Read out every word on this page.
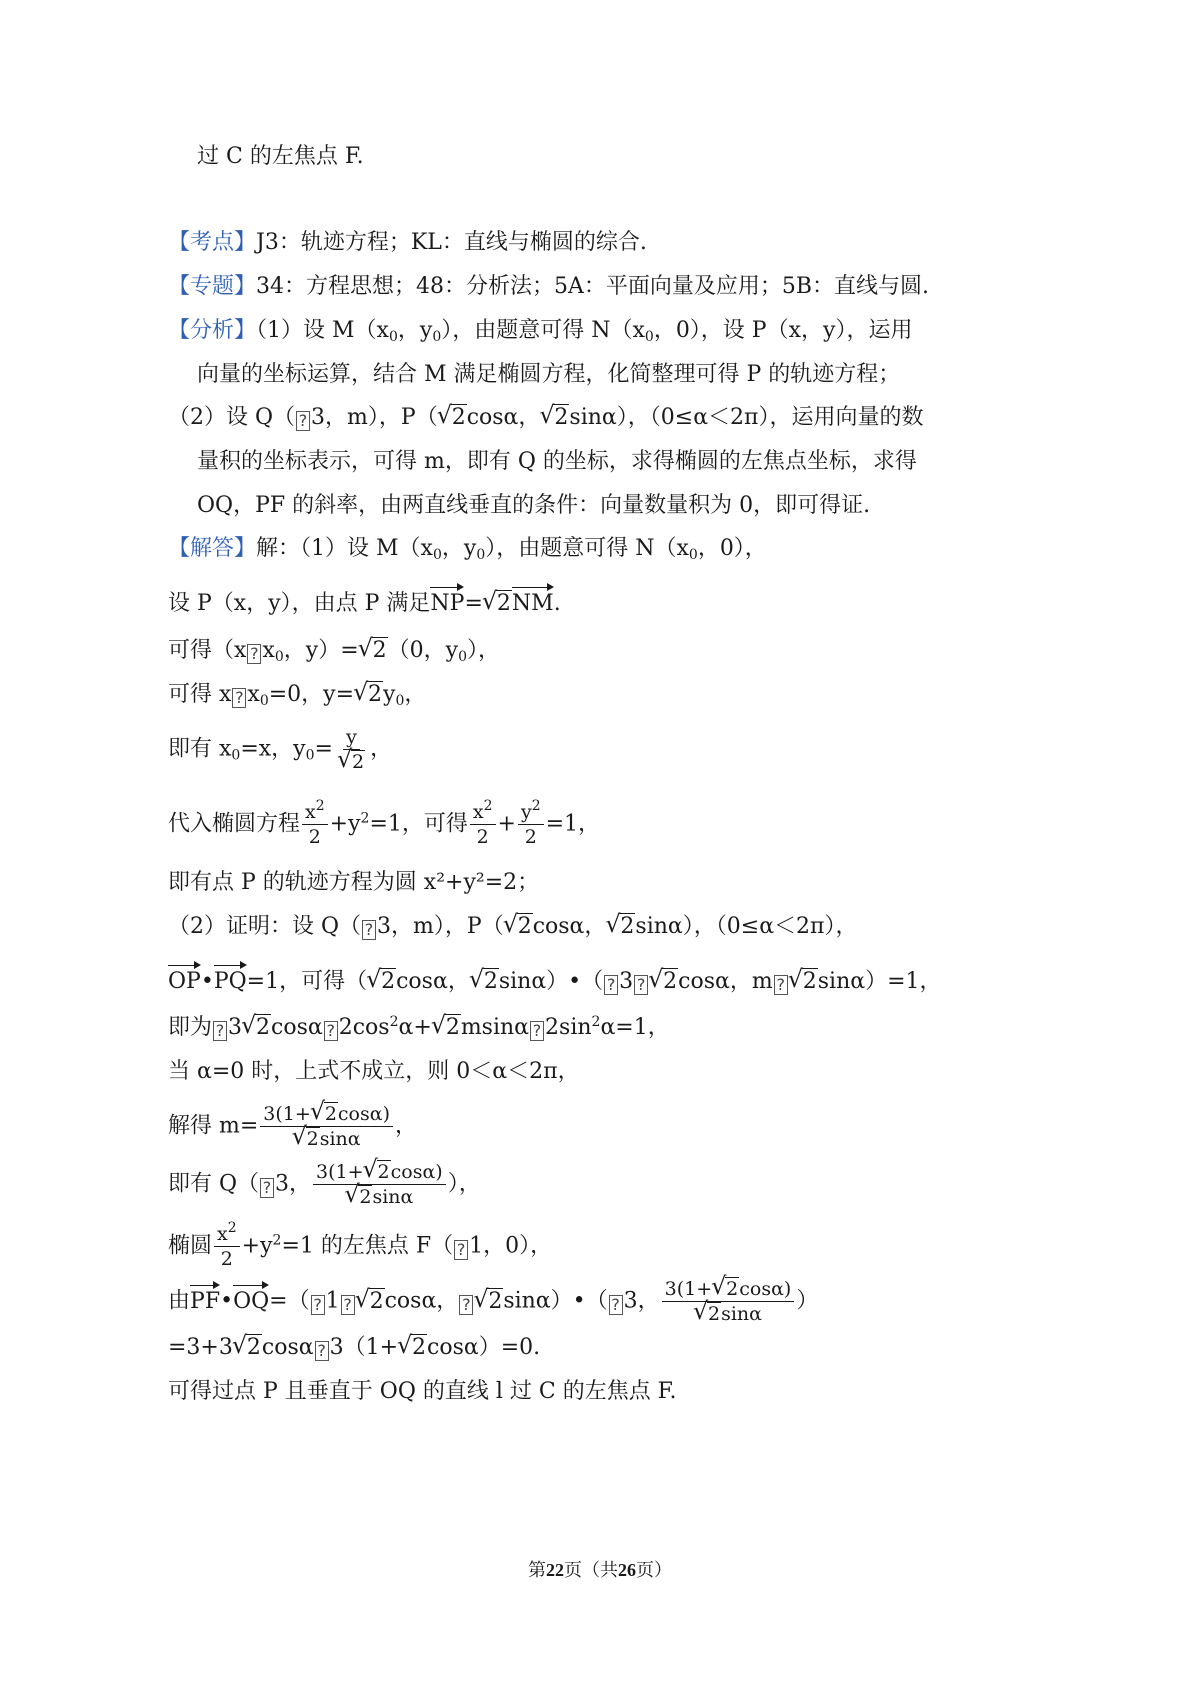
过 C 的左焦点 F.
【考点】J3：轨迹方程；KL：直线与椭圆的综合.
【专题】34：方程思想；48：分析法；5A：平面向量及应用；5B：直线与圆.
【分析】（1）设 $M(x_0$，$y_0$），由题意可得 $N(x_0$，0），设 P（x，y），运用
向量的坐标运算，结合 M 满足椭圆方程，化简整理可得 P 的轨迹方程；
（2）设 Q（ ? 3，m），P（√ 2cosα，√ 2sinα），（0≤α＜2π），运用向量的数
量积的坐标表示，可得 m，即有 Q 的坐标，求得椭圆的左焦点坐标，求得
OQ，PF 的斜率，由两直线垂直的条件：向量数量积为 0，即可得证.
【解答】解：（1）设 $M(x_0$，$y_0$），由题意可得 $N(x_0$，0），
设 P（x，y），由点 P 满足NP=√ 2NM.
可得（x ? $x_0$，y）=√ 2（0，$y_0$），
可得 x ? $x_0=0$，y=√ $2y_0$，
即有 $x_0=x$，$y_0= y$
√ 2 ，
代入椭圆方程 $\frac{x^2}{2} +y^2=1$，可得 $\frac{x^2}{2} + \frac{y^2}{2} =1$，
即有点 P 的轨迹方程为圆 x²+y²=2；
（2）证明：设 Q（ ? 3，m），P（√ 2cosα，√ 2sinα），（0≤α＜2π），
OP•PQ=1，可得（√ 2cosα，√ 2sinα）•（ ? 3 ?√ 2cosα，m ?√ 2sinα）=1，
即为 ? 3√ 2cosα ? $2\cos^2\alpha+√$ 2msinα ? $2\sin^2\alpha=1$，
当 α=0 时，上式不成立，则 0＜α＜2π，
解得 m= 3(1+√ 2cosα)
√ 2sinα ，
即有 Q（ ? 3， 3(1+√ 2cosα)
√ 2sinα ），
椭圆 $\frac{x^2}{2} +y^2=1$ 的左焦点 F（ ? 1，0），
由PF•OQ=（ ? 1 ?√ 2cosα， ?√ 2sinα）•（ ? 3， 3(1+√ 2cosα)
√ 2sinα ）
=3+3√ 2cosα ? 3（1+√ 2cosα）=0.
可得过点 P 且垂直于 OQ 的直线 l 过 C 的左焦点 F.
第22页（共26页）
